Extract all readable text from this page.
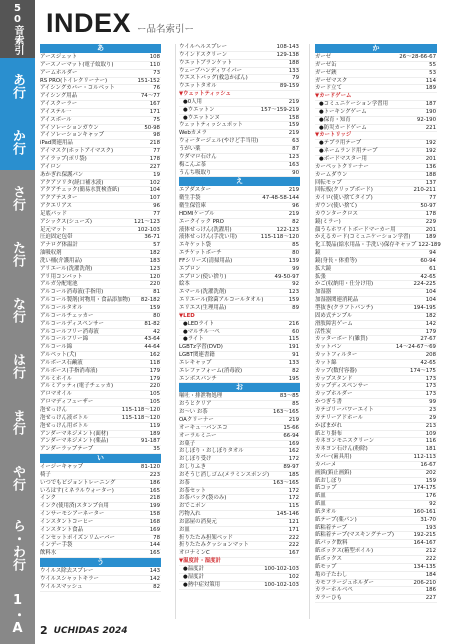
50音索引
あ行
か行
さ行
た行
な行
は行
ま行
や行
ら・わ行
1・A
INDEX ー品名索引ー
あ
アースジェット	108
アースノーマット(電子蚊取り)	110
アームホルダー	73
RS PRO(トイレクリーナー)	151-152
アイシングカバー・コルベット	76
アイシング用品	74〜77
アイスクーラー	167
アイステル一	171
アイスボール	75
アイソレーションガウン	50-98
アイソレーションキャップ	98
iPad関連用品	218
アイマスク(ホットアイマスク)	77
アイラップ(ポリ袋)	178
アイロン	227
あかぎれ保護パン	19
アクアソリタ(経口補水液)	102
アクアチェック(簡易水質検査紙)	104
アクアテスター	107
アクエリアス	96
足底パッド	77
アシックス(シューズ)	121〜123
足元マット	102-103
圧迫固定包帯	36-71
アナログ体温計	57
油吸収剤	182
洗い桶(介護用品)	183
アリエール(洗濯洗剤)	123
アリ用コンバット	120
アルガ分配電池	220
アルコール消毒液(手指用)	81
アルコール製剤(対物用・食品添加物) 82-182
アルコールタオル	159
アルコールチェッカー	80
アルコールディスペンサー	81-82
アルコールフリー消毒液	42
アルコールフリー綿	43-64
アルコール綿	44-64
アルペット(犬)	162
アルボース石鹸液	118
アルボース(手指消毒液)	179
アルミホイル	179
アルミアッティ(電子チェッカ)	220
アロマオイル	105
アロマディフューザー	105
泡せっけん	115-118〜120
泡せっけん液ボトル	115-118〜120
泡せっけん用ボトル	119
アンダーマネジメント(面材)	189
アンダーマネジメント(薬品)	91-187
アンダーラップテープ	35
い
イージーキャップ	81-120
椅子	223
いつでもビジョントレーニング	186
いろはす(ミネラルウォーター)	165
インク	218
インク(使用済)スタンプ台用	199
インサーモシアーネーター	158
インスタントコーヒー	168
インスタント食品	169
インセットポイズンリムーバー	78
インデー手袋	144
飲料水	165
う
ウイルス除去スプレー	143
ウイルスシャットキラー	142
ウイルスマッシュ	82
ウイルヘルスプレー	108-143
ウインドスクリーン	129-138
ウエットブランケット	188
ウェーブハンディワイパー	133
ウエストバッグ(救急かばん)	79
ウエットタオル	89-159
▼ウェットティッシュ
●0人用	219
●ウエットン	157〜159-219
●ウエットンヌ	158
ウェットティッシュポット	159
Webカメラ	219
ウォータージェル(やけど手当用)	63
うがい薬	87
ウダマロ石けん	123
梅こんぶ茶	163
うんち吸取り	90
え
エアダスター	219
衛生手袋	47-48-58-144
衛生保管庫	96
HDMIケーブル	219
エークイック PRO	82
液体せっけん(洗濯用)	122-123
液体せっけん(手洗い用)	115-118〜120
エキケット袋	85
エチケットボーチ	80
FFシリーズ(清掃用品)	139
エプロン	99
エプロン(使い捨り)	49-50-97
絵本	92
エマール(洗濯洗剤)	123
エリエール(除菌アルコールタオル)	159
エリエス(生理用品)	89
▼LED
●LEDライト	216
●マルチル一ペ	60
●ライト	115
LGBTz学習(DVD)	191
LGBT関連書籍	91
エレキャップ	133
エレファフォーム(消毒液)	82
エンボスパンチ	195
お
嘔吐・排泄物処理	83〜85
おうとクリア	85
お〜い お茶	163〜165
OAクリーナー	219
オーキュ一バンエコ	15-66
オーラルミニー	66-94
お菓子	169
おしぼり・おしぼりタオル	162
おしぼり受け	172
おしりふき	89-97
おそうじ消しゴム(メラミンスポンジ)	185
お茶	163〜165
お茶セット	172
お茶パック(袋のみ)	172
おでこポン	115
汚物入れ	145-146
お部屋の消臭元	121
お皿	171
折りたたみ担架ベッド	222
折りたたみクッションマット	222
オロナミンC	167
▼温度計・湿度計
●温度計	100-102-103
●湿度計	102
●熱中症対策用	100-102-103
か
ガーゼ	26〜28-66-67
ガーゼ缶	55
ガーゼ鋏	53
ガーゼマスク	114
カード立て	189
▼カードゲーム
●コミュニケーション学習用	187
●トーキングゲーム	190
●保育・知育	92-190
●防災カードゲーム	221
▼カートリッジ
●テプラ用テープ	192
●ネームランド用テープ	192
●ボードマスター用	201
カーペットクリーナー	136
カームダウン	188
回転モップ	137
回転板(クリップボード)	210-211
カイロ(使い捨てタイプ)	77
ガウン(使い捨て)	50-97
カウンタークロス	178
鏡(ミラー)	229
顔うらホワイトボードマーカー用	201
かえるカード(コミュニケーション学習)	189
化工製品(給水用品・手洗い)保存キャップ 122-189
鏡	94
鏡(身長・体重等)	60-94
拡大鏡	61
拡張	42-65
かご(収納用・仕分け用)	224-225
加湿器	104
加湿器関連消耗品	104
型抜き(クラフトパンチ)	194-195
固め式テンプル	182
滑肢障害ゲーム	142
活性炭	179
カッターボード(雑貨)	27-67
カットバン	14〜24-67〜69
カットフィルター	208
カット綿	42-65
カップ(数付容器)	174〜175
カップスタンド	173
カップディスペンサー	173
カップホルダー	173
かつぎう書	99
カテゴリーパワーエイト	23
カテリーアドホール	29
かばまがれ	213
紙とり掛布	109
カネヨンモニスクリーン	116
カネヨン石けん(粉除)	181
カバー(歯具用)	112-113
カバーメ	16-67
画鋲(鋲止画鋲)	202
紙おしぼり	159
紙コップ	174-175
紙皿	176
紙皿	92
紙タオル	160-161
紙テープ(薬パン)	31-70
紙粘着テープ	193
紙粘着テープ(マスキングテープ)	192-215
紙パック飲料	164-167
紙ボックス(箱型ポイル)	212
紙ボックス	222
紙モップ	134-135
亀の子たわし	184
カモフラージュホルダー	206-210
カラーホルベペ	186
カラーひも	227
2 UCHIDAS 2024
